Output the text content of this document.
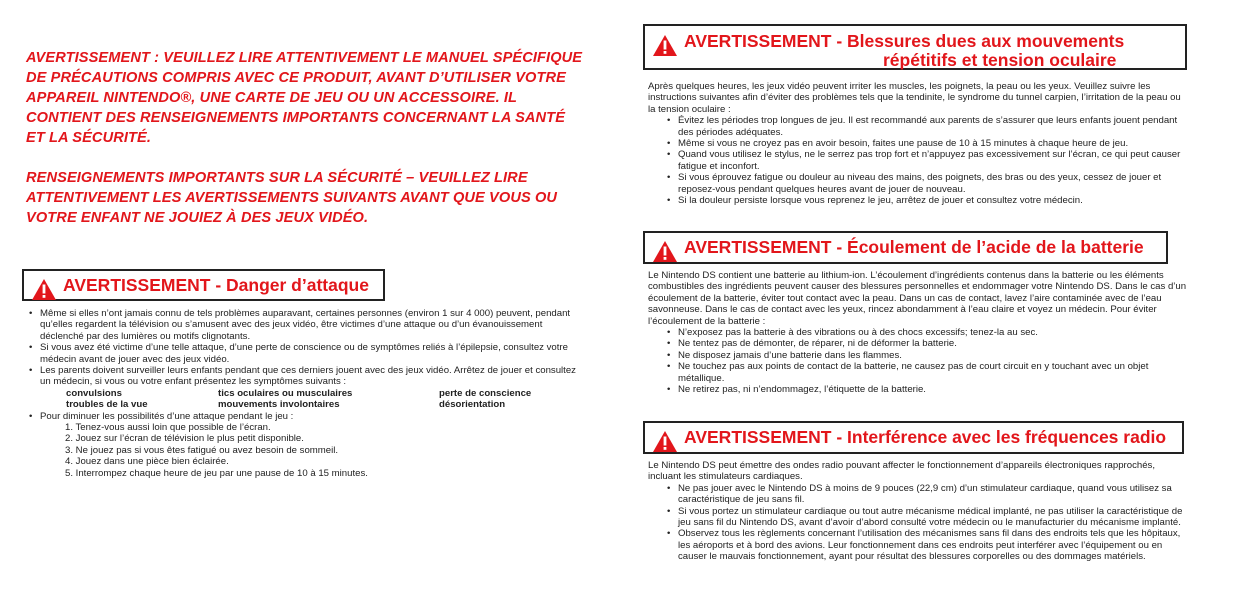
AVERTISSEMENT : VEUILLEZ LIRE ATTENTIVEMENT LE MANUEL SPÉCIFIQUE DE PRÉCAUTIONS COMPRIS AVEC CE PRODUIT, AVANT D’UTILISER VOTRE APPAREIL NINTENDO®, UNE CARTE DE JEU OU UN ACCESSOIRE. IL CONTIENT DES RENSEIGNEMENTS IMPORTANTS CONCERNANT LA SANTÉ ET LA SÉCURITÉ.

RENSEIGNEMENTS IMPORTANTS SUR LA SÉCURITÉ – VEUILLEZ LIRE ATTENTIVEMENT LES AVERTISSEMENTS SUIVANTS AVANT QUE VOUS OU VOTRE ENFANT NE JOUIEZ À DES JEUX VIDÉO.

AVERTISSEMENT - Danger d’attaque
• Même si elles n’ont jamais connu de tels problèmes auparavant, certaines personnes (environ 1 sur 4 000) peuvent, pendant qu’elles regardent la télévision ou s’amusent avec des jeux vidéo, être victimes d’une attaque ou d’un évanouissement déclenché par des lumières ou motifs clignotants.
• Si vous avez été victime d’une telle attaque, d’une perte de conscience ou de symptômes reliés à l’épilepsie, consultez votre médecin avant de jouer avec des jeux vidéo.
• Les parents doivent surveiller leurs enfants pendant que ces derniers jouent avec des jeux vidéo. Arrêtez de jouer et consultez un médecin, si vous ou votre enfant présentez les symptômes suivants :
convulsions	tics oculaires ou musculaires	perte de conscience
troubles de la vue	mouvements involontaires	désorientation
• Pour diminuer les possibilités d’une attaque pendant le jeu :
1. Tenez-vous aussi loin que possible de l’écran.
2. Jouez sur l’écran de télévision le plus petit disponible.
3. Ne jouez pas si vous êtes fatigué ou avez besoin de sommeil.
4. Jouez dans une pièce bien éclairée.
5. Interrompez chaque heure de jeu par une pause de 10 à 15 minutes.
AVERTISSEMENT - Blessures dues aux mouvements
répétitifs et tension oculaire

Après quelques heures, les jeux vidéo peuvent irriter les muscles, les poignets, la peau ou les yeux. Veuillez suivre les instructions suivantes afin d’éviter des problèmes tels que la tendinite, le syndrome du tunnel carpien, l’irritation de la peau ou la tension oculaire :

• Évitez les périodes trop longues de jeu. Il est recommandé aux parents de s’assurer que leurs enfants jouent pendant des périodes adéquates.
• Même si vous ne croyez pas en avoir besoin, faites une pause de 10 à 15 minutes à chaque heure de jeu.
• Quand vous utilisez le stylus, ne le serrez pas trop fort et n’appuyez pas excessivement sur l’écran, ce qui peut causer fatigue et inconfort.
• Si vous éprouvez fatigue ou douleur au niveau des mains, des poignets, des bras ou des yeux, cessez de jouer et reposez-vous pendant quelques heures avant de jouer de nouveau.
• Si la douleur persiste lorsque vous reprenez le jeu, arrêtez de jouer et consultez votre médecin.
AVERTISSEMENT - Écoulement de l’acide de la batterie

Le Nintendo DS contient une batterie au lithium-ion. L’écoulement d’ingrédients contenus dans la batterie ou les éléments combustibles des ingrédients peuvent causer des blessures personnelles et endommager votre Nintendo DS. Dans le cas d’un écoulement de la batterie, éviter tout contact avec la peau. Dans un cas de contact, lavez l’aire contaminée avec de l’eau savonneuse. Dans le cas de contact avec les yeux, rincez abondamment à l’eau claire et voyez un médecin. Pour éviter l’écoulement de la batterie :

• N’exposez pas la batterie à des vibrations ou à des chocs excessifs; tenez-la au sec.
• Ne tentez pas de démonter, de réparer, ni de déformer la batterie.
• Ne disposez jamais d’une batterie dans les flammes.
• Ne touchez pas aux points de contact de la batterie, ne causez pas de court circuit en y touchant avec un objet métallique.
• Ne retirez pas, ni n’endommagez, l’étiquette de la batterie.
AVERTISSEMENT - Interférence avec les fréquences radio

Le Nintendo DS peut émettre des ondes radio pouvant affecter le fonctionnement d’appareils électroniques rapprochés, incluant les stimulateurs cardiaques.

• Ne pas jouer avec le Nintendo DS à moins de 9 pouces (22,9 cm) d’un stimulateur cardiaque, quand vous utilisez sa caractéristique de jeu sans fil.
• Si vous portez un stimulateur cardiaque ou tout autre mécanisme médical implanté, ne pas utiliser la caractéristique de jeu sans fil du Nintendo DS, avant d’avoir d’abord consulté votre médecin ou le manufacturier du mécanisme implanté.
• Observez tous les règlements concernant l’utilisation des mécanismes sans fil dans des endroits tels que les hôpitaux, les aéroports et à bord des avions. Leur fonctionnement dans ces endroits peut interférer avec l’équipement ou en causer le mauvais fonctionnement, ayant pour résultat des blessures corporelles ou des dommages matériels.
